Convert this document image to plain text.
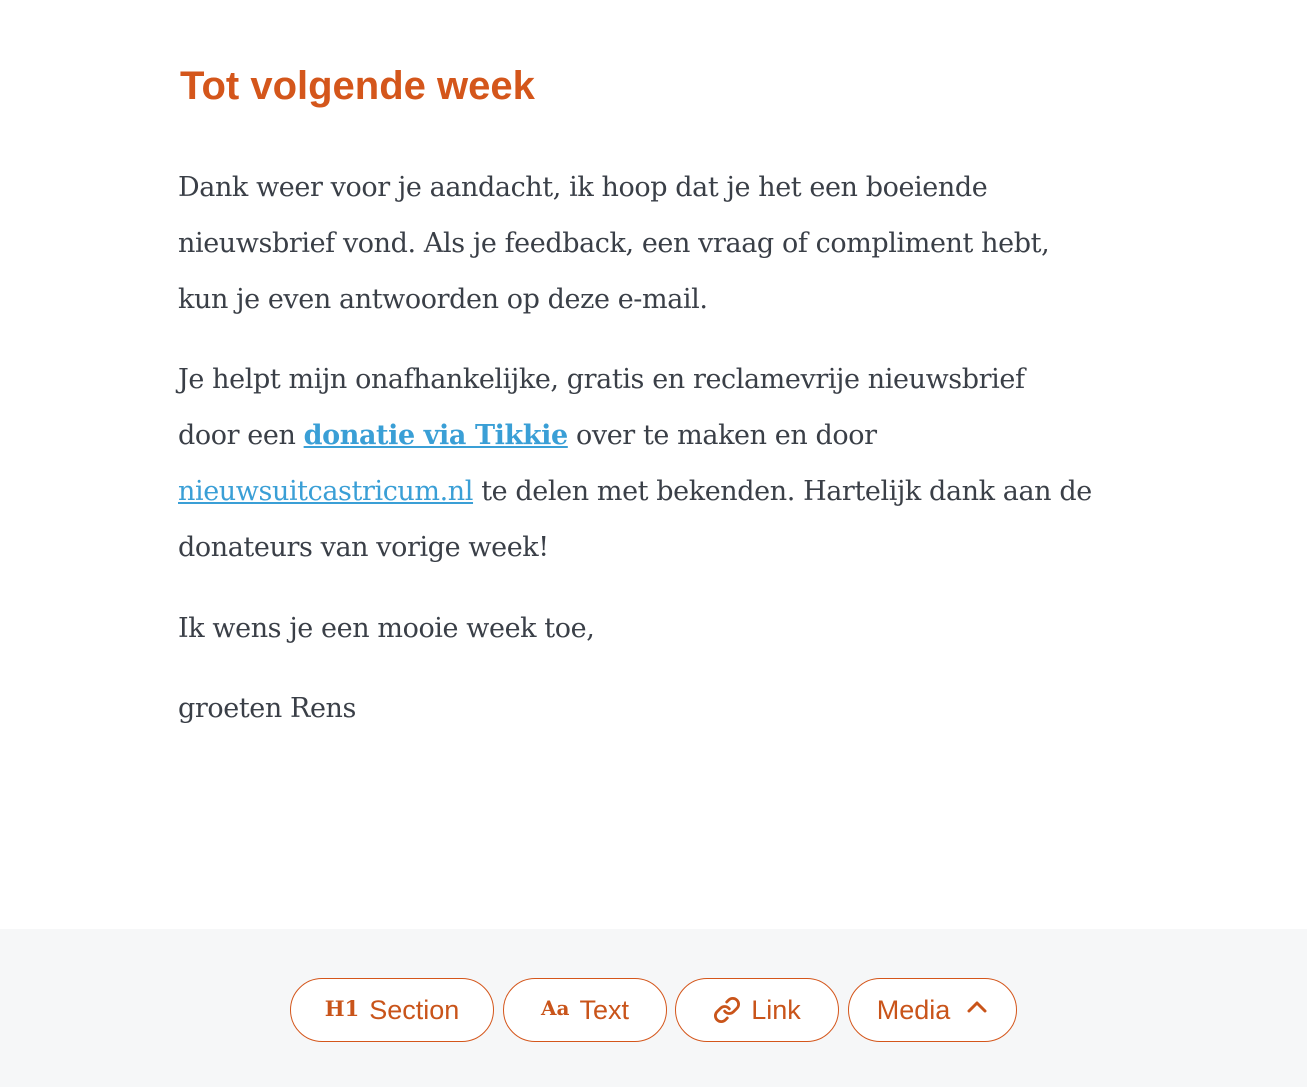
Tot volgende week

Dank weer voor je aandacht, ik hoop dat je het een boeiende
nieuwsbrief vond. Als je feedback, een vraag of compliment hebt,
kun je even antwoorden op deze e-mail.

Je helpt mijn onafhankelijke, gratis en reclamevrije nieuwsbrief
door een donatie via Tikkie over te maken en door
nieuwsuitcastricum.nl te delen met bekenden. Hartelijk dank aan de
donateurs van vorige week!

Ik wens je een mooie week toe,

groeten Rens

H1 Section	Aa Text	Link	Media
